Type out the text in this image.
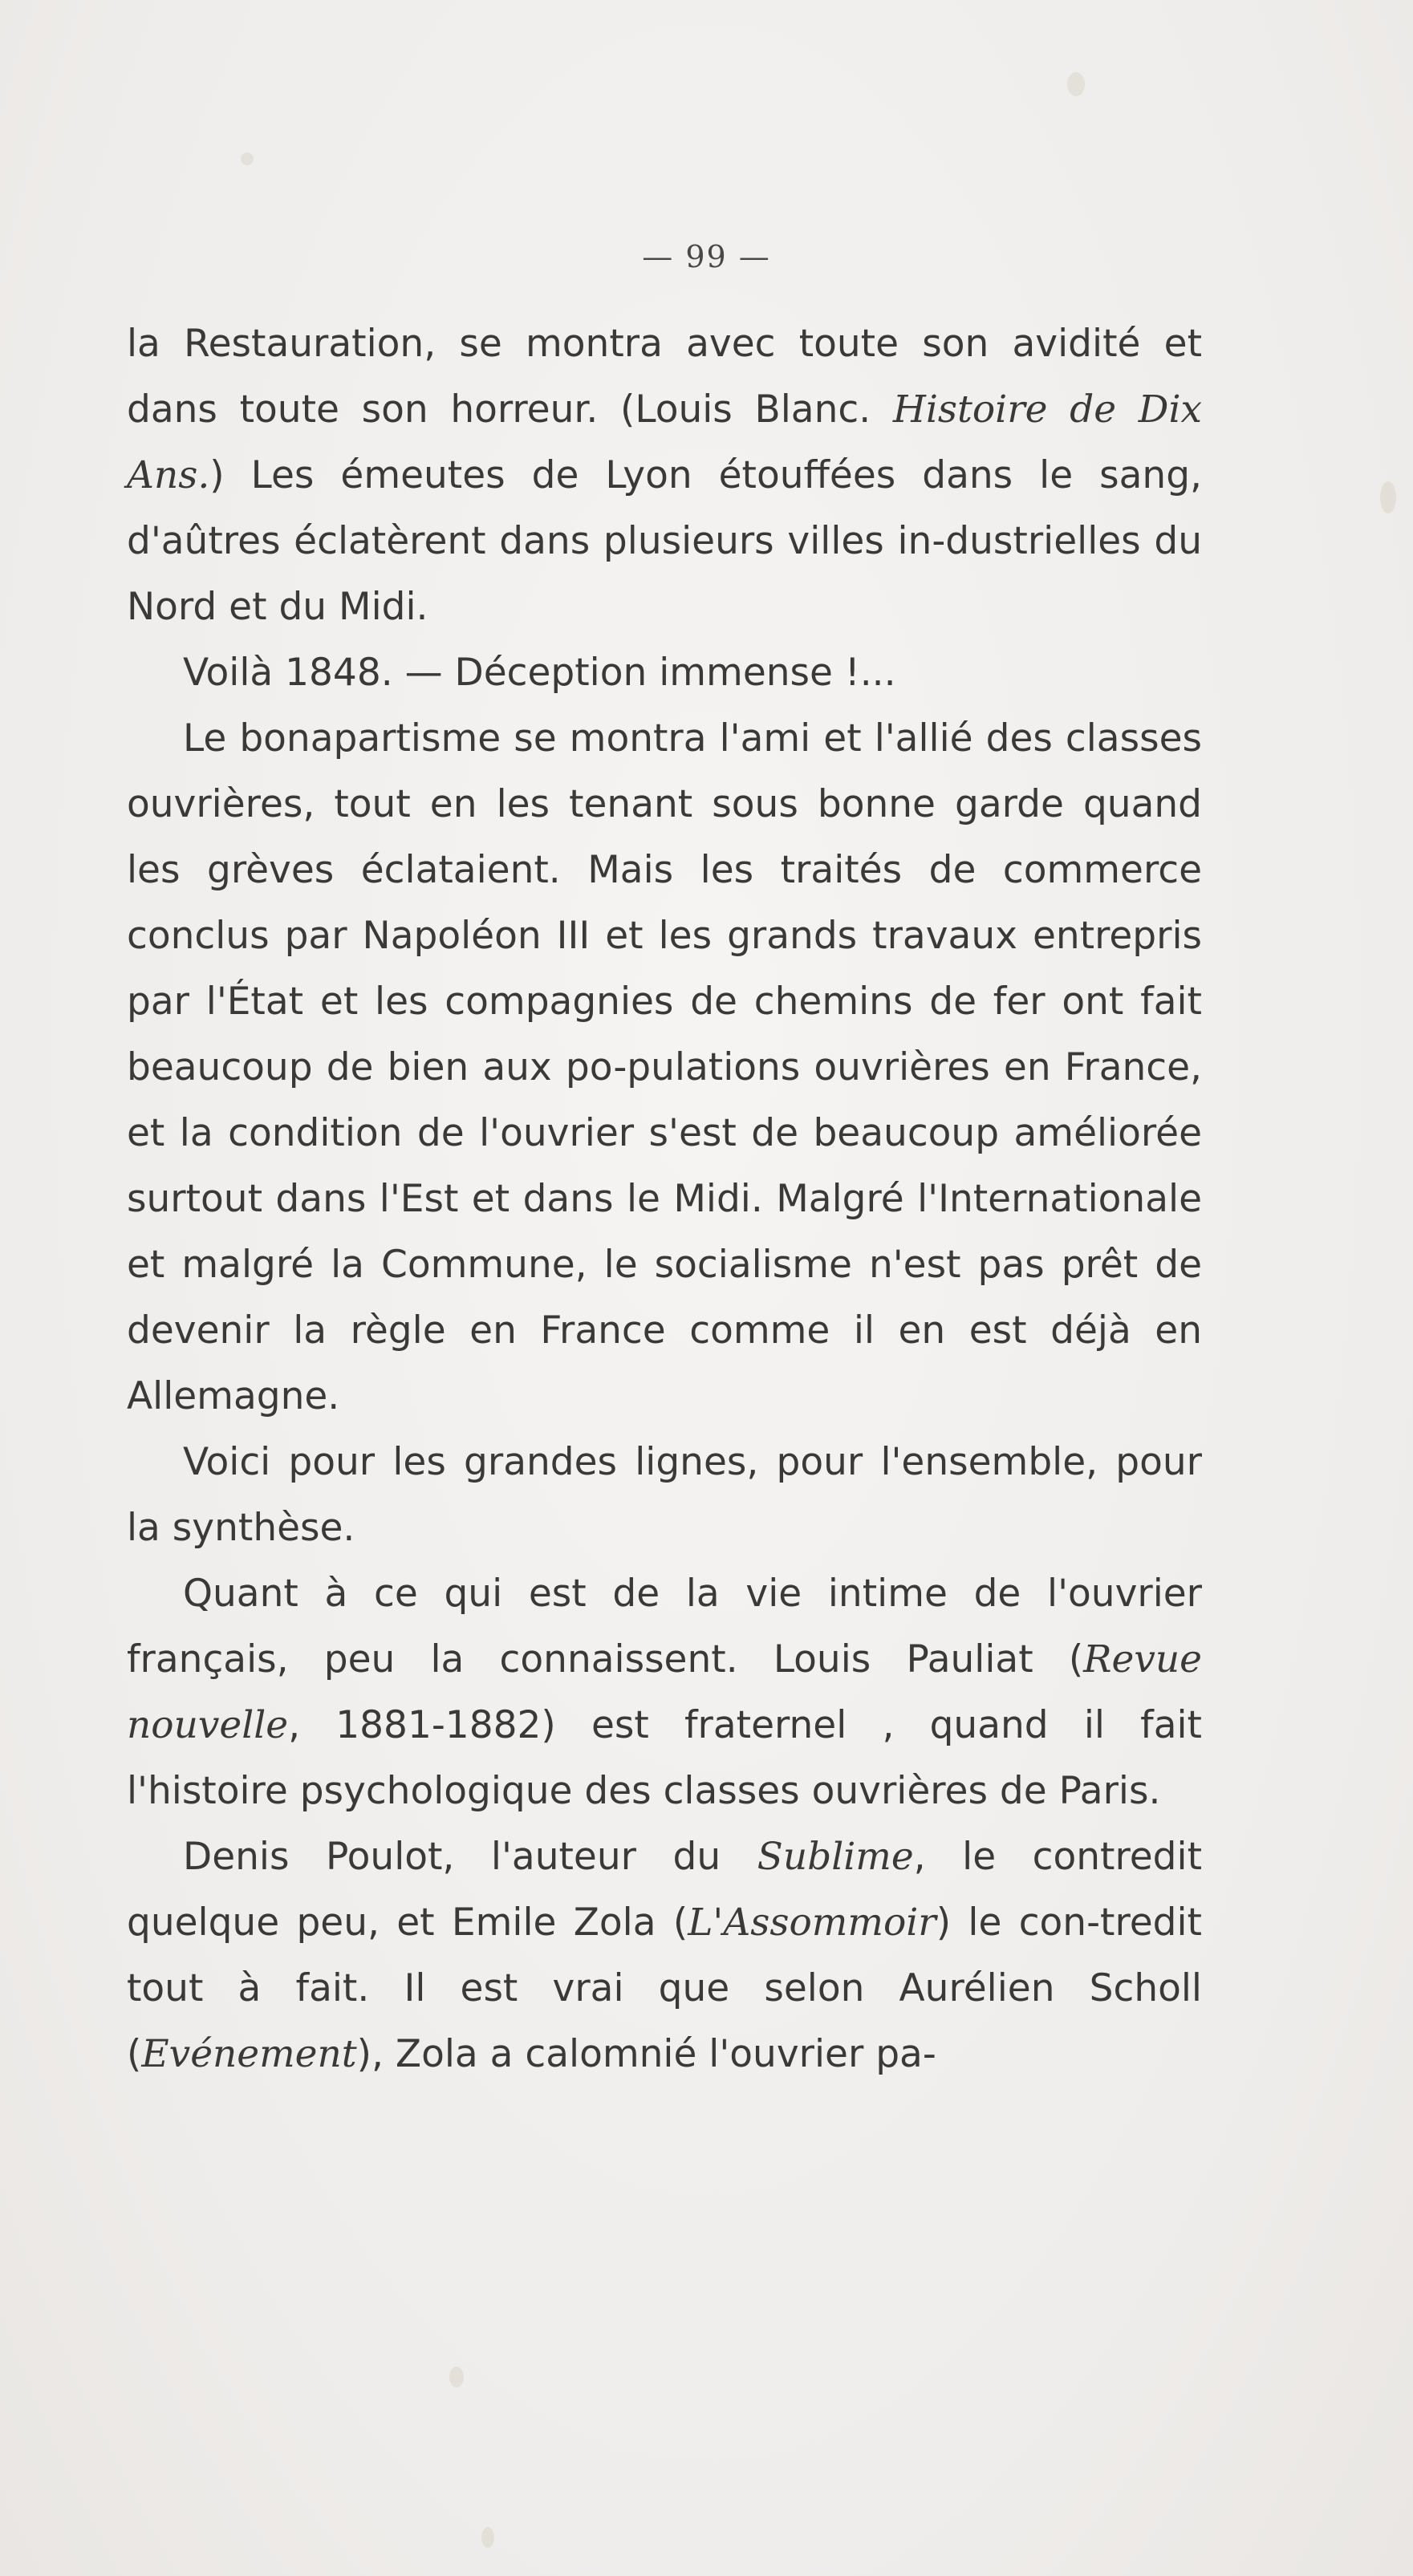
— 99 —

la Restauration, se montra avec toute son avidité et dans toute son horreur. (Louis Blanc. Histoire de Dix Ans.) Les émeutes de Lyon étouffées dans le sang, d'aûtres éclatèrent dans plusieurs villes in-dustrielles du Nord et du Midi.

Voilà 1848. — Déception immense !...

Le bonapartisme se montra l'ami et l'allié des classes ouvrières, tout en les tenant sous bonne garde quand les grèves éclataient. Mais les traités de commerce conclus par Napoléon III et les grands travaux entrepris par l'État et les compagnies de chemins de fer ont fait beaucoup de bien aux po-pulations ouvrières en France, et la condition de l'ouvrier s'est de beaucoup améliorée surtout dans l'Est et dans le Midi. Malgré l'Internationale et malgré la Commune, le socialisme n'est pas prêt de devenir la règle en France comme il en est déjà en Allemagne.

Voici pour les grandes lignes, pour l'ensemble, pour la synthèse.

Quant à ce qui est de la vie intime de l'ouvrier français, peu la connaissent. Louis Pauliat (Revue nouvelle, 1881-1882) est fraternel , quand il fait l'histoire psychologique des classes ouvrières de Paris.

Denis Poulot, l'auteur du Sublime, le contredit quelque peu, et Emile Zola (L'Assommoir) le con-tredit tout à fait. Il est vrai que selon Aurélien Scholl (Evénement), Zola a calomnié l'ouvrier pa-
